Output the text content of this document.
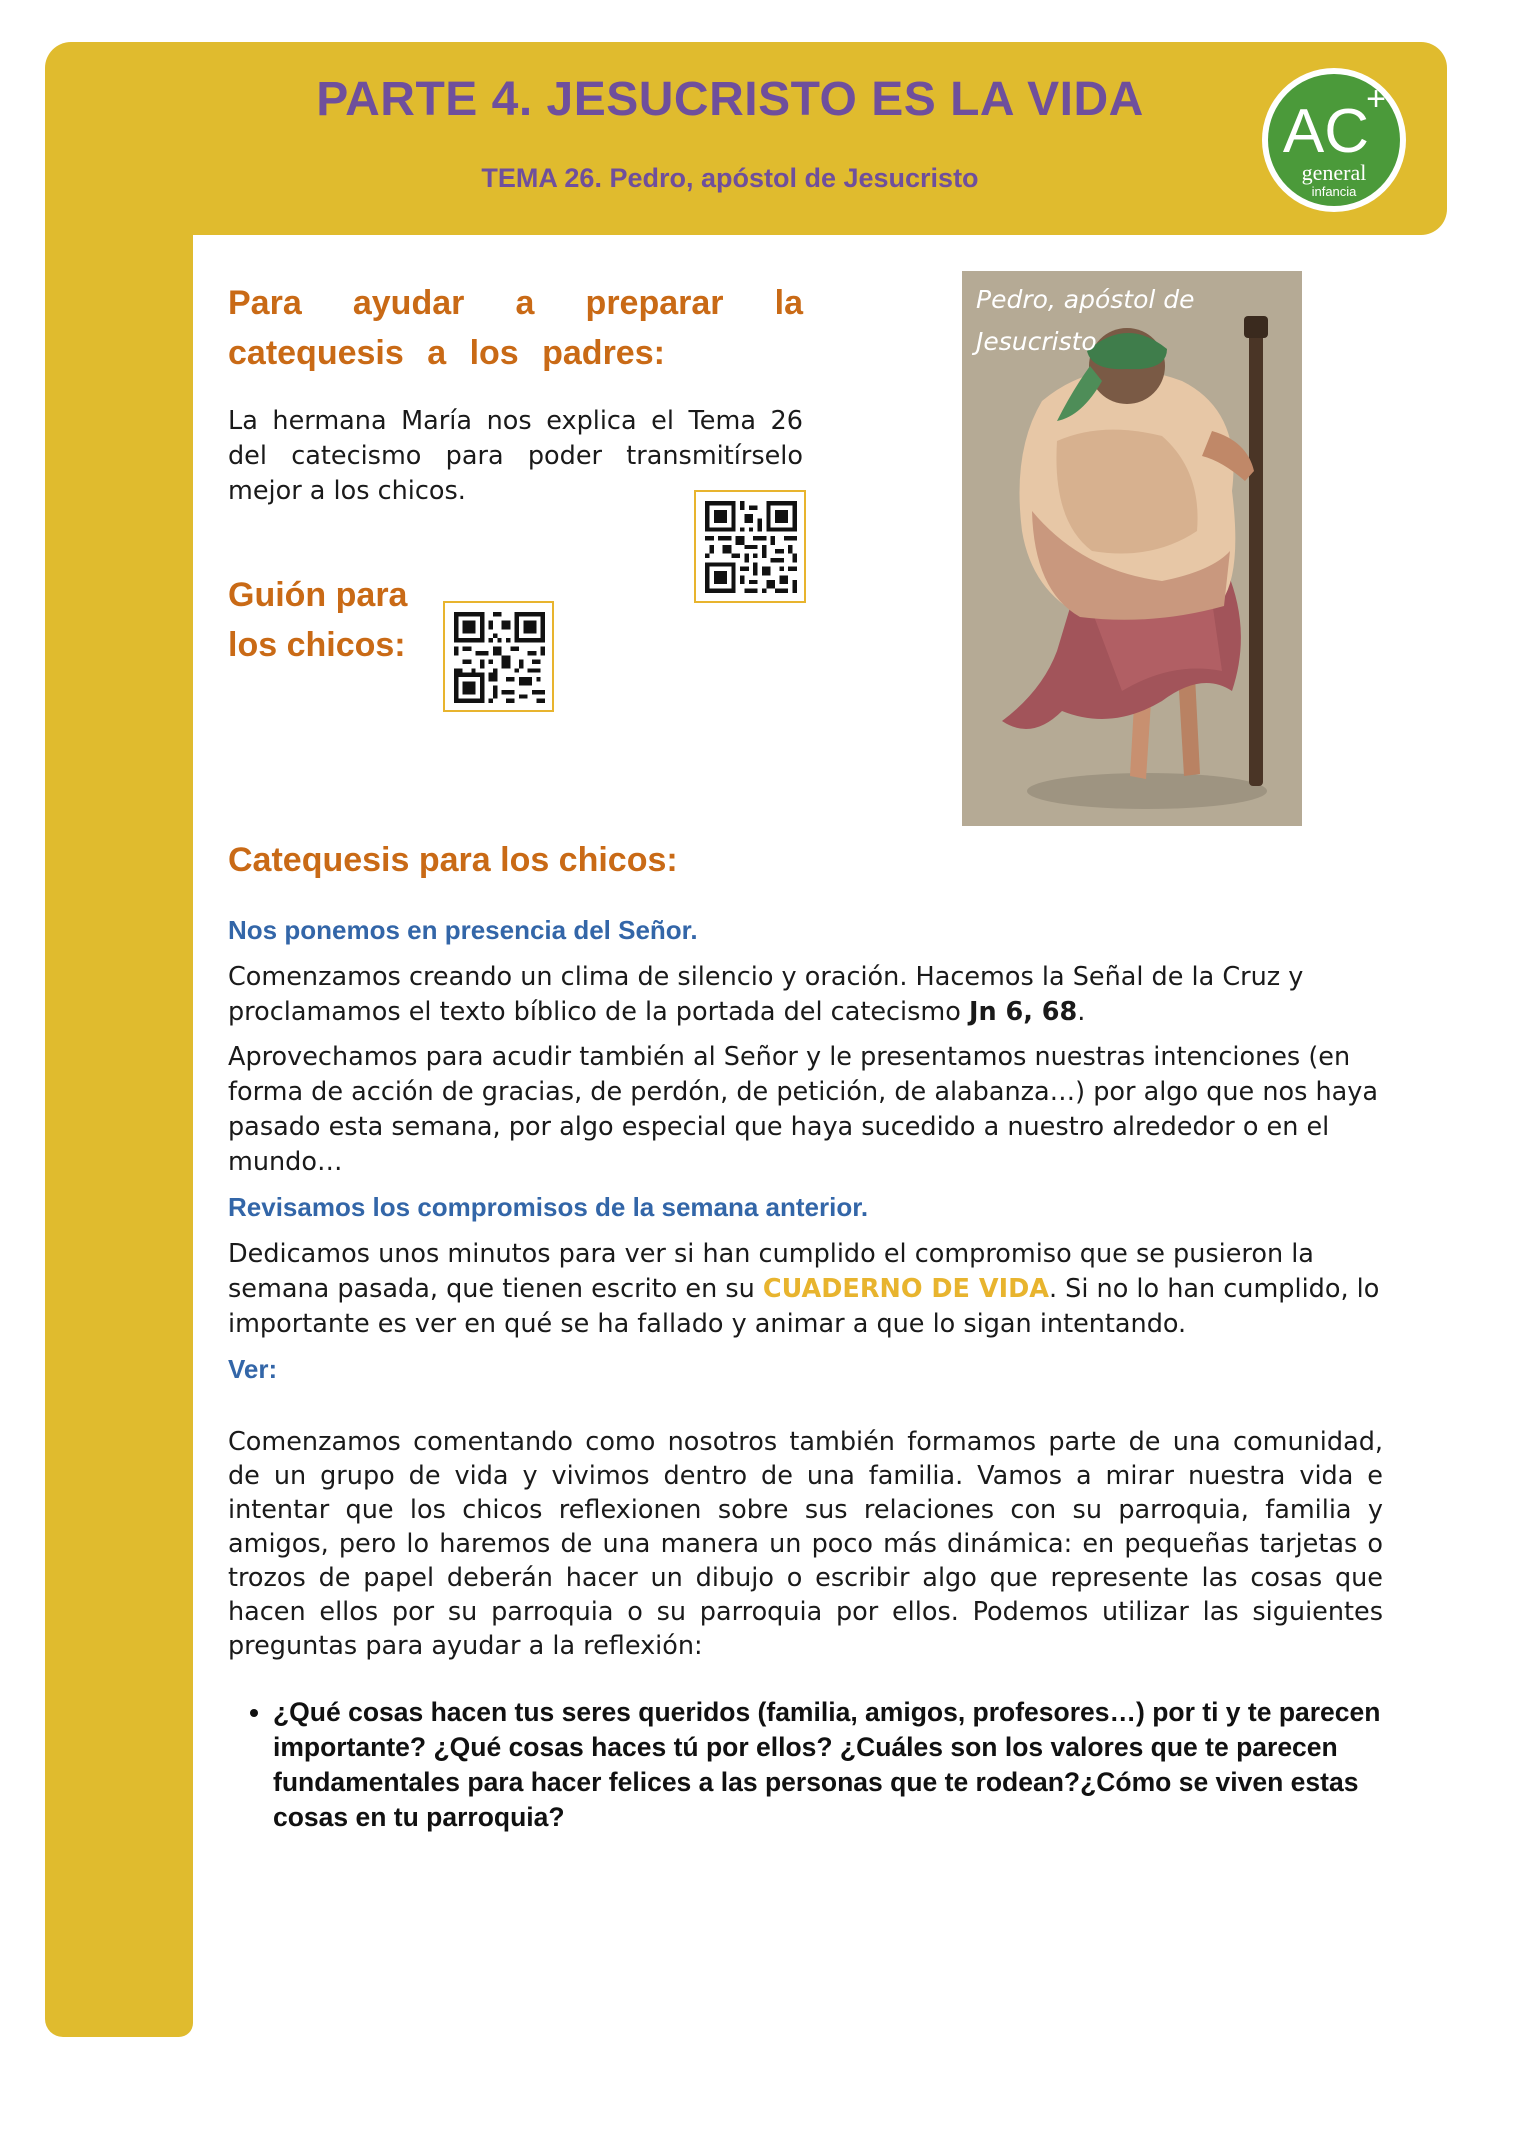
PARTE 4. JESUCRISTO ES LA VIDA
TEMA 26. Pedro, apóstol de Jesucristo
AC
+
general
infancia

Para ayudar a preparar la catequesis a los padres:

La hermana María nos explica el Tema 26 del catecismo para poder transmitírselo mejor a los chicos.

Guión para los chicos:

Pedro, apóstol de Jesucristo

Catequesis para los chicos:

Nos ponemos en presencia del Señor.

Comenzamos creando un clima de silencio y oración. Hacemos la Señal de la Cruz y proclamamos el texto bíblico de la portada del catecismo Jn 6, 68.

Aprovechamos para acudir también al Señor y le presentamos nuestras intenciones (en forma de acción de gracias, de perdón, de petición, de alabanza…) por algo que nos haya pasado esta semana, por algo especial que haya sucedido a nuestro alrededor o en el mundo…

Revisamos los compromisos de la semana anterior.

Dedicamos unos minutos para ver si han cumplido el compromiso que se pusieron la semana pasada, que tienen escrito en su CUADERNO DE VIDA. Si no lo han cumplido, lo importante es ver en qué se ha fallado y animar a que lo sigan intentando.

Ver:

Comenzamos comentando como nosotros también formamos parte de una comunidad, de un grupo de vida y vivimos dentro de una familia. Vamos a mirar nuestra vida e intentar que los chicos reflexionen sobre sus relaciones con su parroquia, familia y amigos, pero lo haremos de una manera un poco más dinámica: en pequeñas tarjetas o trozos de papel deberán hacer un dibujo o escribir algo que represente las cosas que hacen ellos por su parroquia o su parroquia por ellos. Podemos utilizar las siguientes preguntas para ayudar a la reflexión:

• ¿Qué cosas hacen tus seres queridos (familia, amigos, profesores…) por ti y te parecen importante? ¿Qué cosas haces tú por ellos? ¿Cuáles son los valores que te parecen fundamentales para hacer felices a las personas que te rodean?¿Cómo se viven estas cosas en tu parroquia?
